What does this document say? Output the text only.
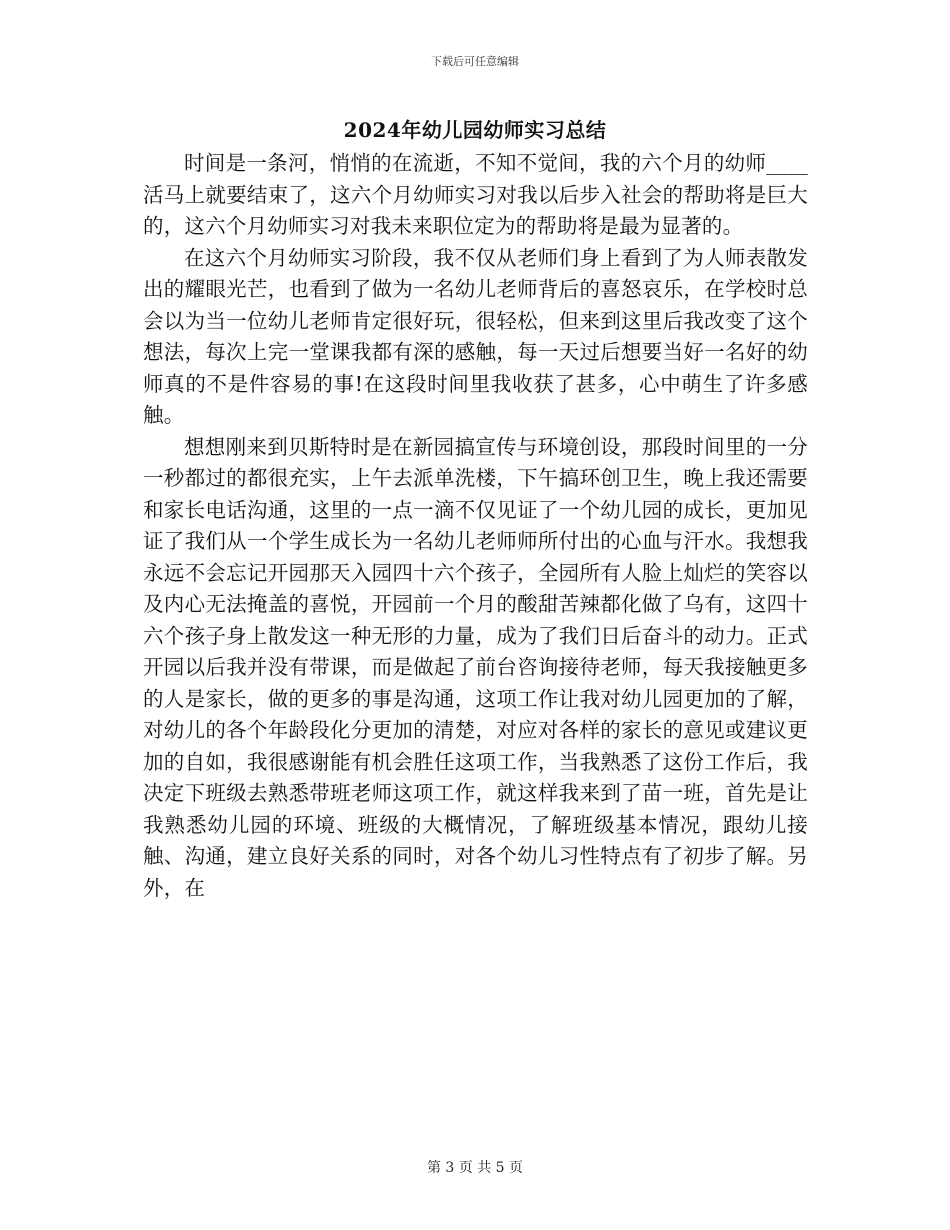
下载后可任意编辑
2024年幼儿园幼师实习总结

时间是一条河，悄悄的在流逝，不知不觉间，我的六个月的幼师____活马上就要结束了，这六个月幼师实习对我以后步入社会的帮助将是巨大的，这六个月幼师实习对我未来职位定为的帮助将是最为显著的。

在这六个月幼师实习阶段，我不仅从老师们身上看到了为人师表散发出的耀眼光芒，也看到了做为一名幼儿老师背后的喜怒哀乐，在学校时总会以为当一位幼儿老师肯定很好玩，很轻松，但来到这里后我改变了这个想法，每次上完一堂课我都有深的感触，每一天过后想要当好一名好的幼师真的不是件容易的事!在这段时间里我收获了甚多，心中萌生了许多感触。

想想刚来到贝斯特时是在新园搞宣传与环境创设，那段时间里的一分一秒都过的都很充实，上午去派单洗楼，下午搞环创卫生，晚上我还需要和家长电话沟通，这里的一点一滴不仅见证了一个幼儿园的成长，更加见证了我们从一个学生成长为一名幼儿老师师所付出的心血与汗水。我想我永远不会忘记开园那天入园四十六个孩子，全园所有人脸上灿烂的笑容以及内心无法掩盖的喜悦，开园前一个月的酸甜苦辣都化做了乌有，这四十六个孩子身上散发这一种无形的力量，成为了我们日后奋斗的动力。正式开园以后我并没有带课，而是做起了前台咨询接待老师，每天我接触更多的人是家长，做的更多的事是沟通，这项工作让我对幼儿园更加的了解，对幼儿的各个年龄段化分更加的清楚，对应对各样的家长的意见或建议更加的自如，我很感谢能有机会胜任这项工作，当我熟悉了这份工作后，我决定下班级去熟悉带班老师这项工作，就这样我来到了苗一班，首先是让我熟悉幼儿园的环境、班级的大概情况，了解班级基本情况，跟幼儿接触、沟通，建立良好关系的同时，对各个幼儿习性特点有了初步了解。另外，在

第 3 页 共 5 页
